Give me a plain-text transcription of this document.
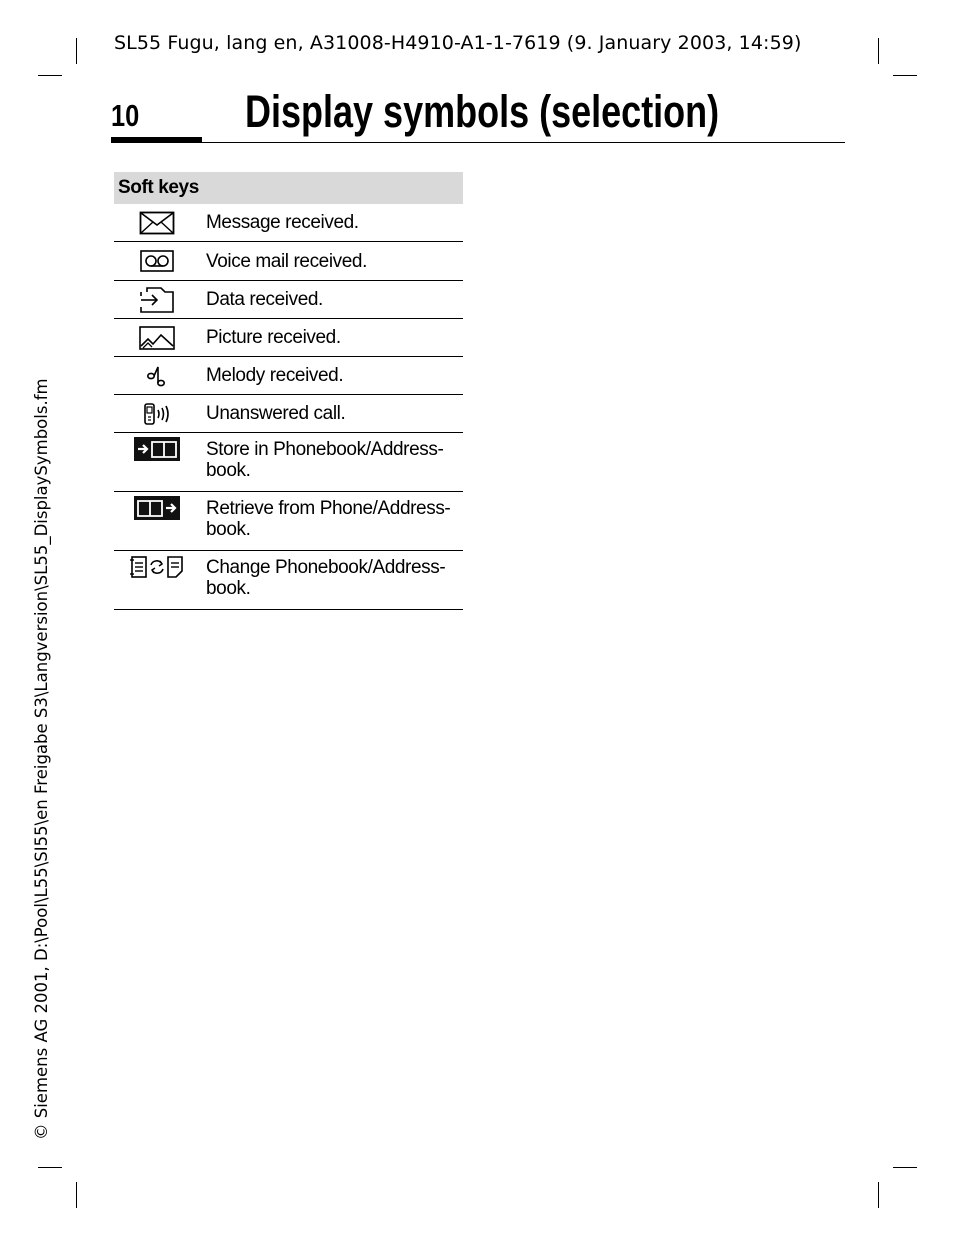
SL55 Fugu, lang en, A31008-H4910-A1-1-7619 (9. January 2003, 14:59)
10	Display symbols (selection)
© Siemens AG 2001, D:\Pool\L55\SI55\en Freigabe S3\Langversion\SL55_DisplaySymbols.fm
Soft keys
Message received.
Voice mail received.
Data received.
Picture received.
Melody received.
Unanswered call.
Store in Phonebook/Address-
book.
Retrieve from Phone/Address-
book.
Change Phonebook/Address-
book.
